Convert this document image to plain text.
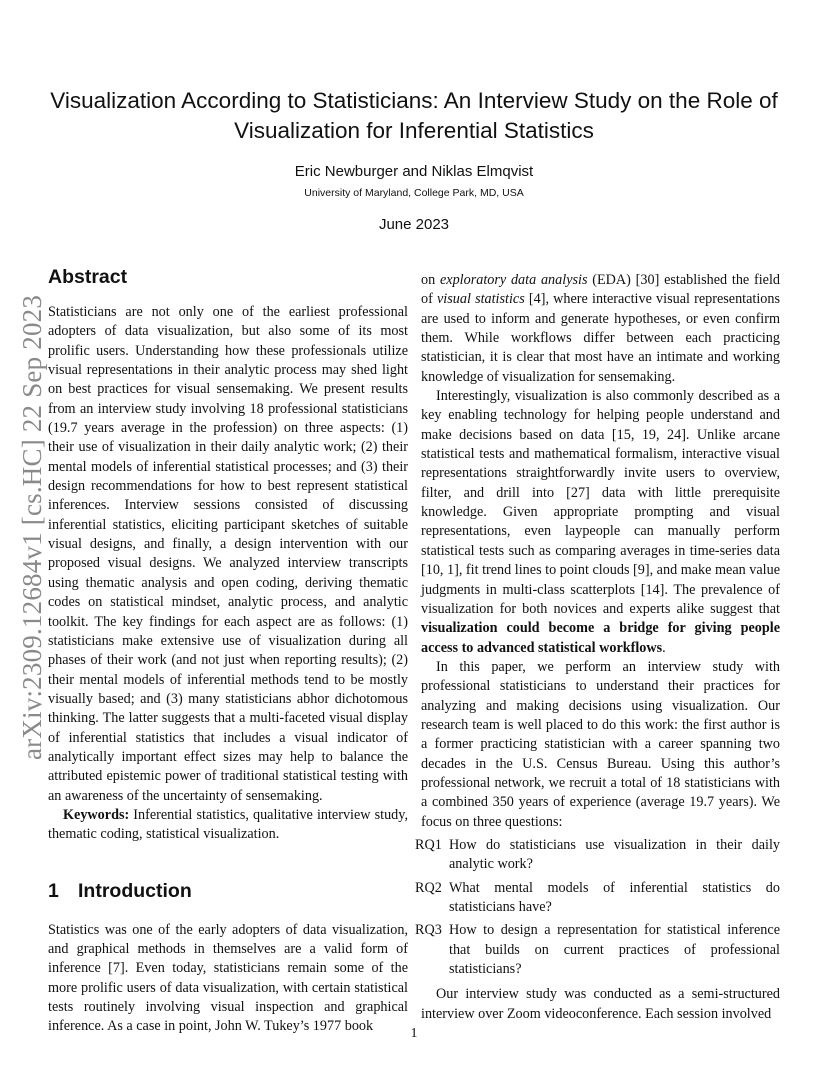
Visualization According to Statisticians: An Interview Study on the Role of Visualization for Inferential Statistics
Eric Newburger and Niklas Elmqvist
University of Maryland, College Park, MD, USA
June 2023
arXiv:2309.12684v1 [cs.HC] 22 Sep 2023
Abstract

Statisticians are not only one of the earliest professional adopters of data visualization, but also some of its most prolific users. Understanding how these professionals utilize visual representations in their analytic process may shed light on best practices for visual sensemaking. We present results from an interview study involving 18 professional statisticians (19.7 years average in the profession) on three aspects: (1) their use of visualization in their daily analytic work; (2) their mental models of inferential statistical processes; and (3) their design recommendations for how to best represent statistical inferences. Interview sessions consisted of discussing inferential statistics, eliciting participant sketches of suitable visual designs, and finally, a design intervention with our proposed visual designs. We analyzed interview transcripts using thematic analysis and open coding, deriving thematic codes on statistical mindset, analytic process, and analytic toolkit. The key findings for each aspect are as follows: (1) statisticians make extensive use of visualization during all phases of their work (and not just when reporting results); (2) their mental models of inferential methods tend to be mostly visually based; and (3) many statisticians abhor dichotomous thinking. The latter suggests that a multi-faceted visual display of inferential statistics that includes a visual indicator of analytically important effect sizes may help to balance the attributed epistemic power of traditional statistical testing with an awareness of the uncertainty of sensemaking.

Keywords: Inferential statistics, qualitative interview study, thematic coding, statistical visualization.

1 Introduction

Statistics was one of the early adopters of data visualization, and graphical methods in themselves are a valid form of inference [7]. Even today, statisticians remain some of the more prolific users of data visualization, with certain statistical tests routinely involving visual inspection and graphical inference. As a case in point, John W. Tukey’s 1977 book

on exploratory data analysis (EDA) [30] established the field of visual statistics [4], where interactive visual representations are used to inform and generate hypotheses, or even confirm them. While workflows differ between each practicing statistician, it is clear that most have an intimate and working knowledge of visualization for sensemaking.

Interestingly, visualization is also commonly described as a key enabling technology for helping people understand and make decisions based on data [15, 19, 24]. Unlike arcane statistical tests and mathematical formalism, interactive visual representations straightforwardly invite users to overview, filter, and drill into [27] data with little prerequisite knowledge. Given appropriate prompting and visual representations, even laypeople can manually perform statistical tests such as comparing averages in time-series data [10, 1], fit trend lines to point clouds [9], and make mean value judgments in multi-class scatterplots [14]. The prevalence of visualization for both novices and experts alike suggest that visualization could become a bridge for giving people access to advanced statistical workflows.

In this paper, we perform an interview study with professional statisticians to understand their practices for analyzing and making decisions using visualization. Our research team is well placed to do this work: the first author is a former practicing statistician with a career spanning two decades in the U.S. Census Bureau. Using this author’s professional network, we recruit a total of 18 statisticians with a combined 350 years of experience (average 19.7 years). We focus on three questions:

RQ1 How do statisticians use visualization in their daily analytic work?
RQ2 What mental models of inferential statistics do statisticians have?
RQ3 How to design a representation for statistical inference that builds on current practices of professional statisticians?

Our interview study was conducted as a semi-structured interview over Zoom videoconference. Each session involved

1
